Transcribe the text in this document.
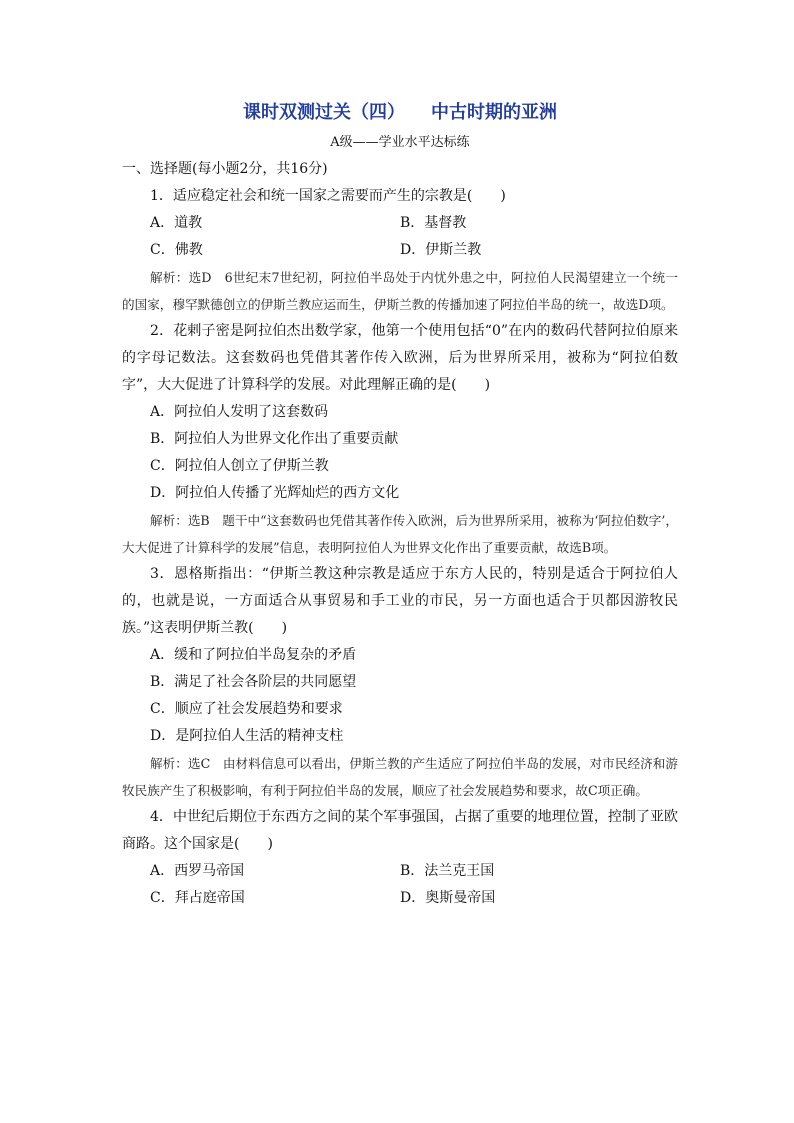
课时双测过关（四） 中古时期的亚洲
A级——学业水平达标练
一、选择题(每小题2分，共16分)
1．适应稳定社会和统一国家之需要而产生的宗教是(　　)
A．道教	B．基督教
C．佛教	D．伊斯兰教
解析：选D　6世纪末7世纪初，阿拉伯半岛处于内忧外患之中，阿拉伯人民渴望建立一个统一的国家，穆罕默德创立的伊斯兰教应运而生，伊斯兰教的传播加速了阿拉伯半岛的统一，故选D项。
2．花剌子密是阿拉伯杰出数学家，他第一个使用包括“0”在内的数码代替阿拉伯原来的字母记数法。这套数码也凭借其著作传入欧洲，后为世界所采用，被称为“阿拉伯数字”，大大促进了计算科学的发展。对此理解正确的是(　　)
A．阿拉伯人发明了这套数码
B．阿拉伯人为世界文化作出了重要贡献
C．阿拉伯人创立了伊斯兰教
D．阿拉伯人传播了光辉灿烂的西方文化
解析：选B　题干中“这套数码也凭借其著作传入欧洲，后为世界所采用，被称为‘阿拉伯数字’，大大促进了计算科学的发展”信息，表明阿拉伯人为世界文化作出了重要贡献，故选B项。
3．恩格斯指出：“伊斯兰教这种宗教是适应于东方人民的，特别是适合于阿拉伯人的，也就是说，一方面适合从事贸易和手工业的市民，另一方面也适合于贝都因游牧民族。”这表明伊斯兰教(　　)
A．缓和了阿拉伯半岛复杂的矛盾
B．满足了社会各阶层的共同愿望
C．顺应了社会发展趋势和要求
D．是阿拉伯人生活的精神支柱
解析：选C　由材料信息可以看出，伊斯兰教的产生适应了阿拉伯半岛的发展，对市民经济和游牧民族产生了积极影响，有利于阿拉伯半岛的发展，顺应了社会发展趋势和要求，故C项正确。
4．中世纪后期位于东西方之间的某个军事强国，占据了重要的地理位置，控制了亚欧商路。这个国家是(　　)
A．西罗马帝国	B．法兰克王国
C．拜占庭帝国	D．奥斯曼帝国
